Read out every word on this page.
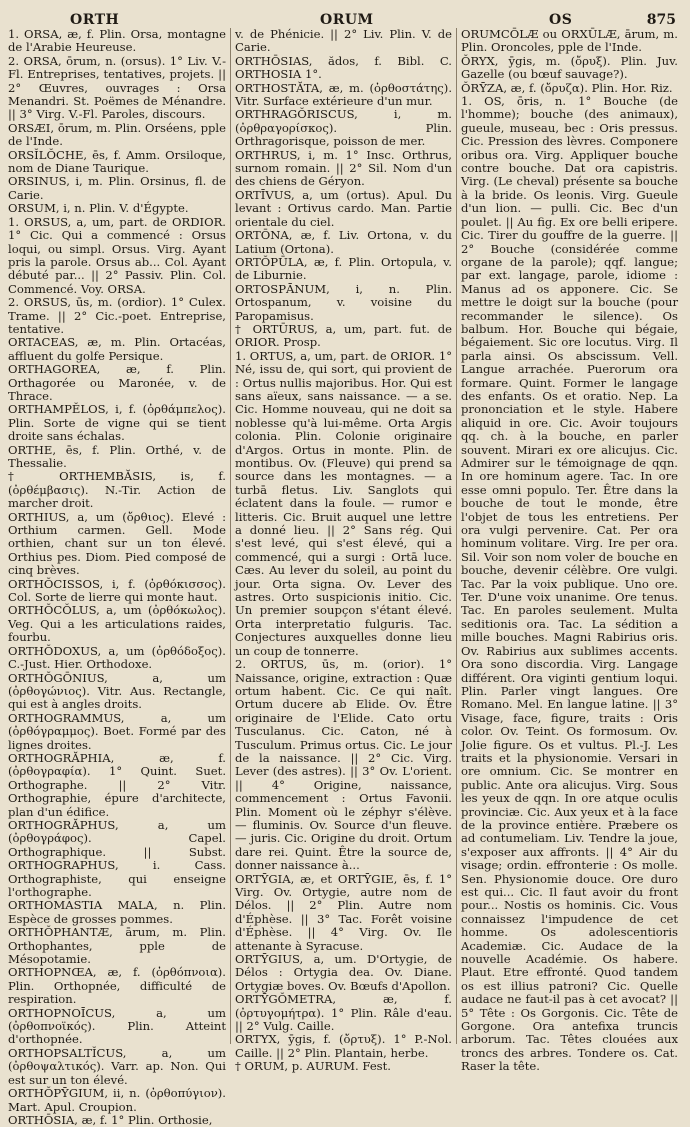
ORTH	ORUM	OS	875

1. ORSA, æ, f. Plin. Orsa, montagne de l'Arabie Heureuse.

2. ORSA, ōrum, n. (orsus). 1° Liv. V.-Fl. Entreprises, tentatives, projets. || 2° Œuvres, ouvrages : Orsa Menandri. St. Poëmes de Ménandre. || 3° Virg. V.-Fl. Paroles, discours.

ORSÆI, ōrum, m. Plin. Orséens, pple de l'Inde.

ORSĬLŎCHE, ēs, f. Amm. Orsiloque, nom de Diane Taurique.

ORSINUS, i, m. Plin. Orsinus, fl. de Carie.

ORSUM, i, n. Plin. V. d'Égypte.

1. ORSUS, a, um, part. de ORDIOR. 1° Cic. Qui a commencé : Orsus loqui, ou simpl. Orsus. Virg. Ayant pris la parole. Orsus ab... Col. Ayant débuté par... || 2° Passiv. Plin. Col. Commencé. Voy. ORSA.

2. ORSUS, ūs, m. (ordior). 1° Culex. Trame. || 2° Cic.-poet. Entreprise, tentative.

ORTACEAS, æ, m. Plin. Ortacéas, affluent du golfe Persique.

ORTHAGOREA, æ, f. Plin. Orthagorée ou Maronée, v. de Thrace.

ORTHAMPĔLOS, i, f. (ὀρθάμπελος). Plin. Sorte de vigne qui se tient droite sans échalas.

ORTHE, ēs, f. Plin. Orthé, v. de Thessalie.

† ORTHEMBĂSIS, is, f. (ὀρθέμβασις). N.-Tir. Action de marcher droit.

ORTHIUS, a, um (ὄρθιος). Elevé : Orthium carmen. Gell. Mode orthien, chant sur un ton élevé. Orthius pes. Diom. Pied composé de cinq brèves.

ORTHŎCISSOS, i, f. (ὀρθόκισσος). Col. Sorte de lierre qui monte haut.

ORTHŎCŎLUS, a, um (ὀρθόκωλος). Veg. Qui a les articulations raides, fourbu.

ORTHŎDOXUS, a, um (ὀρθόδοξος). C.-Just. Hier. Orthodoxe.

ORTHŎGŌNIUS, a, um (ὀρθογώνιος). Vitr. Aus. Rectangle, qui est à angles droits.

ORTHOGRAMMUS, a, um (ὀρθόγραμμος). Boet. Formé par des lignes droites.

ORTHOGRĂPHIA, æ, f. (ὀρθογραφία). 1° Quint. Suet. Orthographe. || 2° Vitr. Orthographie, épure d'architecte, plan d'un édifice.

ORTHOGRĂPHUS, a, um (ὀρθογράφος). Capel. Orthographique. || Subst. ORTHOGRAPHUS, i. Cass. Orthographiste, qui enseigne l'orthographe.

ORTHOMASTIA MALA, n. Plin. Espèce de grosses pommes.

ORTHŎPHANTÆ, ārum, m. Plin. Orthophantes, pple de Mésopotamie.

ORTHOPNŒA, æ, f. (ὀρθόπνοια). Plin. Orthopnée, difficulté de respiration.

ORTHOPNOĪCUS, a, um (ὀρθοπνοϊκός). Plin. Atteint d'orthopnée.

ORTHOPSALTĬCUS, a, um (ὀρθοψαλτικός). Varr. ap. Non. Qui est sur un ton élevé.

ORTHŎPȲGIUM, ii, n. (ὀρθοπύγιον). Mart. Apul. Croupion.

ORTHŌSIA, æ, f. 1° Plin. Orthosie,

v. de Phénicie. || 2° Liv. Plin. V. de Carie.

ORTHŌSIAS, ădos, f. Bibl. C. ORTHOSIA 1°.

ORTHOSTĂTA, æ, m. (ὀρθοστάτης). Vitr. Surface extérieure d'un mur.

ORTHRAGŎRISCUS, i, m. (ὀρθραγορίσκος). Plin. Orthragorisque, poisson de mer.

ORTHRUS, i, m. 1° Insc. Orthrus, surnom romain. || 2° Sil. Nom d'un des chiens de Géryon.

ORTĪVUS, a, um (ortus). Apul. Du levant : Ortivus cardo. Man. Partie orientale du ciel.

ORTŌNA, æ, f. Liv. Ortona, v. du Latium (Ortona).

ORTŎPŪLA, æ, f. Plin. Ortopula, v. de Liburnie.

ORTOSPĀNUM, i, n. Plin. Ortospanum, v. voisine du Paropamisus.

† ORTŪRUS, a, um, part. fut. de ORIOR. Prosp.

1. ORTUS, a, um, part. de ORIOR. 1° Né, issu de, qui sort, qui provient de : Ortus nullis majoribus. Hor. Qui est sans aïeux, sans naissance. — a se. Cic. Homme nouveau, qui ne doit sa noblesse qu'à lui-même. Orta Argis colonia. Plin. Colonie originaire d'Argos. Ortus in monte. Plin. de montibus. Ov. (Fleuve) qui prend sa source dans les montagnes. — a turbā fletus. Liv. Sanglots qui éclatent dans la foule. — rumor e litteris. Cic. Bruit auquel une lettre a donné lieu. || 2° Sans rég. Qui s'est levé, qui s'est élevé, qui a commencé, qui a surgi : Ortā luce. Cæs. Au lever du soleil, au point du jour. Orta signa. Ov. Lever des astres. Orto suspicionis initio. Cic. Un premier soupçon s'étant élevé. Orta interpretatio fulguris. Tac. Conjectures auxquelles donne lieu un coup de tonnerre.

2. ORTUS, ūs, m. (orior). 1° Naissance, origine, extraction : Quæ ortum habent. Cic. Ce qui naît. Ortum ducere ab Elide. Ov. Être originaire de l'Elide. Cato ortu Tusculanus. Cic. Caton, né à Tusculum. Primus ortus. Cic. Le jour de la naissance. || 2° Cic. Virg. Lever (des astres). || 3° Ov. L'orient. || 4° Origine, naissance, commencement : Ortus Favonii. Plin. Moment où le zéphyr s'élève. — fluminis. Ov. Source d'un fleuve. — juris. Cic. Origine du droit. Ortum dare rei. Quint. Être la source de, donner naissance à...

ORTȲGIA, æ, et ORTȲGIE, ēs, f. 1° Virg. Ov. Ortygie, autre nom de Délos. || 2° Plin. Autre nom d'Éphèse. || 3° Tac. Forêt voisine d'Éphèse. || 4° Virg. Ov. Ile attenante à Syracuse.

ORTȲGIUS, a, um. D'Ortygie, de Délos : Ortygia dea. Ov. Diane. Ortygiæ boves. Ov. Bœufs d'Apollon.

ORTȲGŎMETRA, æ, f. (ὀρτυγομήτρα). 1° Plin. Râle d'eau. || 2° Vulg. Caille.

ORTYX, ȳgis, f. (ὄρτυξ). 1° P.-Nol. Caille. || 2° Plin. Plantain, herbe.

† ORUM, p. AURUM. Fest.

ORUMCŌLÆ ou ORXŪLÆ, ārum, m. Plin. Oroncoles, pple de l'Inde.

ŎRYX, ȳgis, m. (ὄρυξ). Plin. Juv. Gazelle (ou bœuf sauvage?).

ŎRȲZA, æ, f. (ὄρυζα). Plin. Hor. Riz.

1. OS, ōris, n. 1° Bouche (de l'homme); bouche (des animaux), gueule, museau, bec : Oris pressus. Cic. Pression des lèvres. Componere oribus ora. Virg. Appliquer bouche contre bouche. Dat ora capistris. Virg. (Le cheval) présente sa bouche à la bride. Os leonis. Virg. Gueule d'un lion. — pulli. Cic. Bec d'un poulet. || Au fig. Ex ore belli eripere. Cic. Tirer du gouffre de la guerre. || 2° Bouche (considérée comme organe de la parole); qqf. langue; par ext. langage, parole, idiome : Manus ad os apponere. Cic. Se mettre le doigt sur la bouche (pour recommander le silence). Os balbum. Hor. Bouche qui bégaie, bégaiement. Sic ore locutus. Virg. Il parla ainsi. Os abscissum. Vell. Langue arrachée. Puerorum ora formare. Quint. Former le langage des enfants. Os et oratio. Nep. La prononciation et le style. Habere aliquid in ore. Cic. Avoir toujours qq. ch. à la bouche, en parler souvent. Mirari ex ore alicujus. Cic. Admirer sur le témoignage de qqn. In ore hominum agere. Tac. In ore esse omni populo. Ter. Être dans la bouche de tout le monde, être l'objet de tous les entretiens. Per ora vulgi pervenire. Cat. Per ora hominum volitare. Virg. Ire per ora. Sil. Voir son nom voler de bouche en bouche, devenir célèbre. Ore vulgi. Tac. Par la voix publique. Uno ore. Ter. D'une voix unanime. Ore tenus. Tac. En paroles seulement. Multa seditionis ora. Tac. La sédition a mille bouches. Magni Rabirius oris. Ov. Rabirius aux sublimes accents. Ora sono discordia. Virg. Langage différent. Ora viginti gentium loqui. Plin. Parler vingt langues. Ore Romano. Mel. En langue latine. || 3° Visage, face, figure, traits : Oris color. Ov. Teint. Os formosum. Ov. Jolie figure. Os et vultus. Pl.-J. Les traits et la physionomie. Versari in ore omnium. Cic. Se montrer en public. Ante ora alicujus. Virg. Sous les yeux de qqn. In ore atque oculis provinciæ. Cic. Aux yeux et à la face de la province entière. Præbere os ad contumeliam. Liv. Tendre la joue, s'exposer aux affronts. || 4° Air du visage; ordin. effronterie : Os molle. Sen. Physionomie douce. Ore duro est qui... Cic. Il faut avoir du front pour... Nostis os hominis. Cic. Vous connaissez l'impudence de cet homme. Os adolescentioris Academiæ. Cic. Audace de la nouvelle Académie. Os habere. Plaut. Etre effronté. Quod tandem os est illius patroni? Cic. Quelle audace ne faut-il pas à cet avocat? || 5° Tête : Os Gorgonis. Cic. Tête de Gorgone. Ora antefixa truncis arborum. Tac. Têtes clouées aux troncs des arbres. Tondere os. Cat. Raser la tête.
